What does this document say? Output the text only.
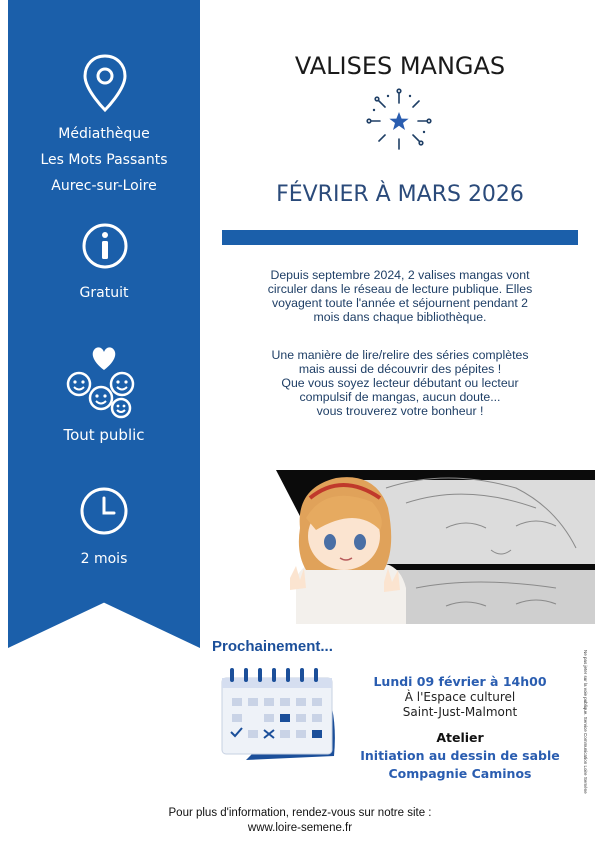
Médiathèque
Les Mots Passants
Aurec-sur-Loire
Gratuit
Tout public
2 mois
VALISES MANGAS
FÉVRIER À MARS 2026
Depuis septembre 2024, 2 valises mangas vont
circuler dans le réseau de lecture publique. Elles
voyagent toute l'année et séjournent pendant 2
mois dans chaque bibliothèque.
Une manière de lire/relire des séries complètes
mais aussi de découvrir des pépites !
Que vous soyez lecteur débutant ou lecteur
compulsif de mangas, aucun doute...
vous trouverez votre bonheur !
Prochainement...
Lundi 09 février à 14h00
À l'Espace culturel
Saint-Just-Malmont
Atelier
Initiation au dessin de sable
Compagnie Caminos
Pour plus d'information, rendez-vous sur notre site :
www.loire-semene.fr
Ne pas jeter sur la voie publique. Service Communication Loire Semène
